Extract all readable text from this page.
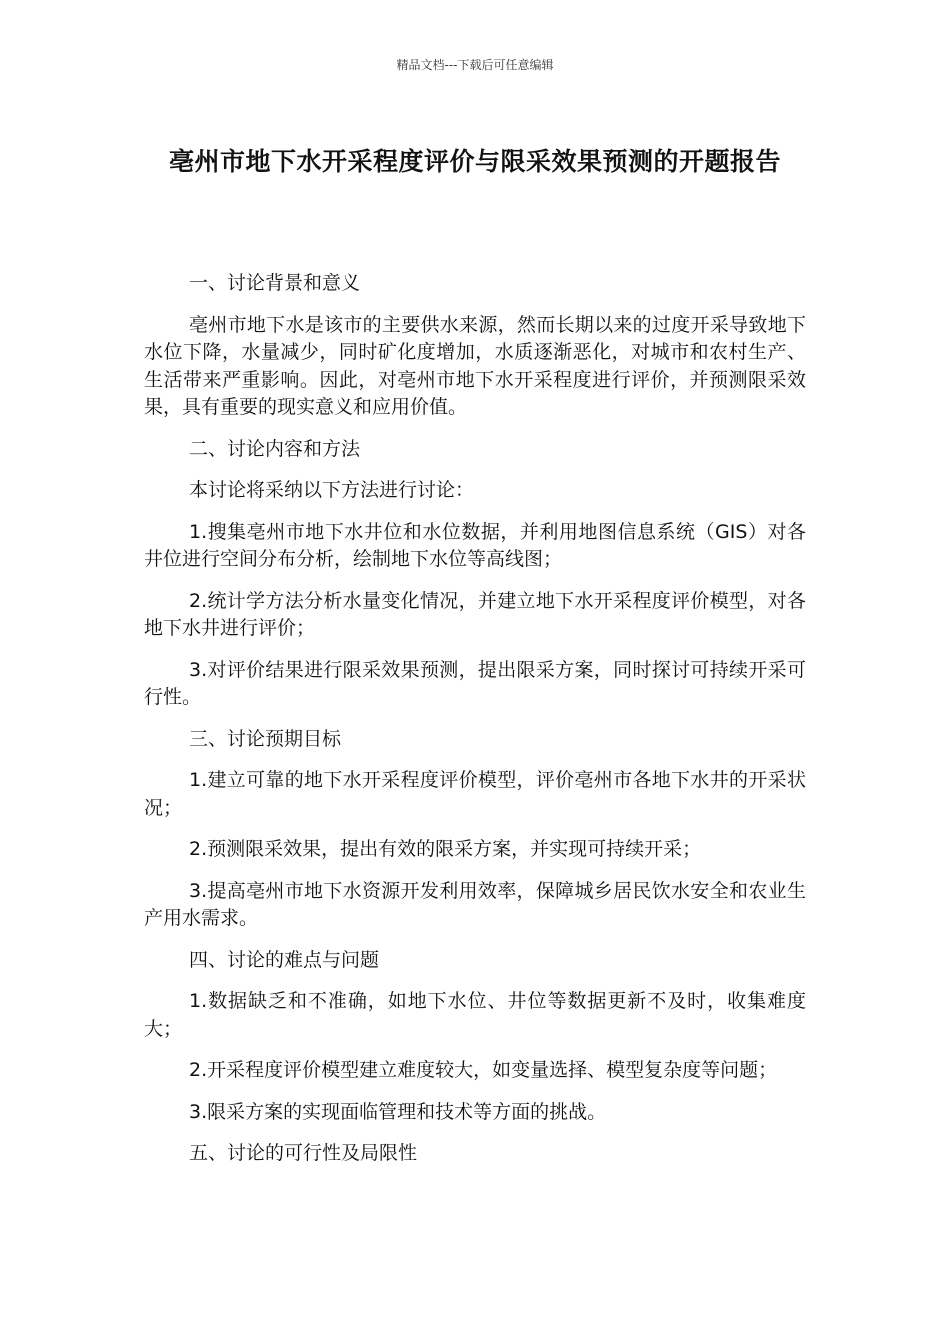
精品文档---下载后可任意编辑
亳州市地下水开采程度评价与限采效果预测的开题报告

一、讨论背景和意义

亳州市地下水是该市的主要供水来源，然而长期以来的过度开采导致地下水位下降，水量减少，同时矿化度增加，水质逐渐恶化，对城市和农村生产、生活带来严重影响。因此，对亳州市地下水开采程度进行评价，并预测限采效果，具有重要的现实意义和应用价值。

二、讨论内容和方法

本讨论将采纳以下方法进行讨论：

1.搜集亳州市地下水井位和水位数据，并利用地图信息系统（GIS）对各井位进行空间分布分析，绘制地下水位等高线图；

2.统计学方法分析水量变化情况，并建立地下水开采程度评价模型，对各地下水井进行评价；

3.对评价结果进行限采效果预测，提出限采方案，同时探讨可持续开采可行性。

三、讨论预期目标

1.建立可靠的地下水开采程度评价模型，评价亳州市各地下水井的开采状况；

2.预测限采效果，提出有效的限采方案，并实现可持续开采；

3.提高亳州市地下水资源开发利用效率，保障城乡居民饮水安全和农业生产用水需求。

四、讨论的难点与问题

1.数据缺乏和不准确，如地下水位、井位等数据更新不及时，收集难度大；

2.开采程度评价模型建立难度较大，如变量选择、模型复杂度等问题；

3.限采方案的实现面临管理和技术等方面的挑战。

五、讨论的可行性及局限性
